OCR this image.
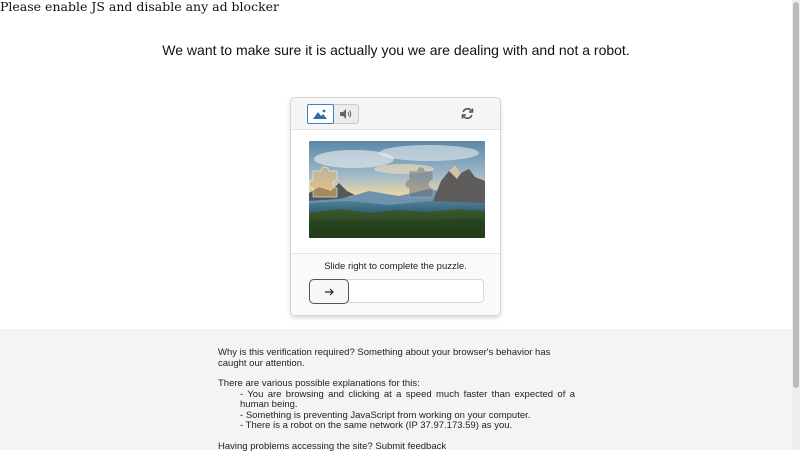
Please enable JS and disable any ad blocker
We want to make sure it is actually you we are dealing with and not a robot.
Slide right to complete the puzzle.

Why is this verification required? Something about your browser's behavior has caught our attention.

There are various possible explanations for this:
- You are browsing and clicking at a speed much faster than expected of a human being.
- Something is preventing JavaScript from working on your computer.
- There is a robot on the same network (IP 37.97.173.59) as you.

Having problems accessing the site? Submit feedback
